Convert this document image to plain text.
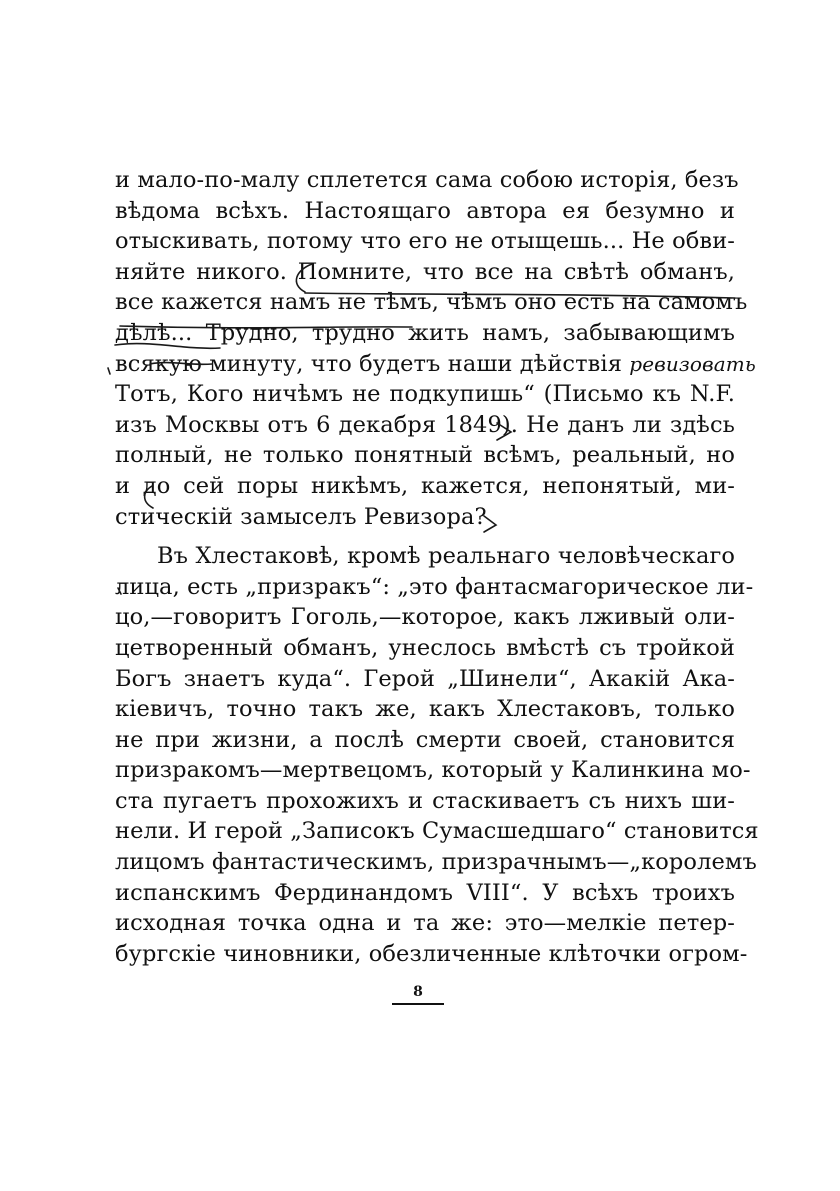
и мало-по-малу сплетется сама собою исторія, безъ
вѣдома всѣхъ. Настоящаго автора ея безумно и
отыскивать, потому что его не отыщешь... Не обви-
няйте никого. Помните, что все на свѣтѣ обманъ,
все кажется намъ не тѣмъ, чѣмъ оно есть на самомъ
дѣлѣ... Трудно, трудно жить намъ, забывающимъ
всякую минуту, что будетъ наши дѣйствія ревизовать
Тотъ, Кого ничѣмъ не подкупишь“ (Письмо къ N.F.
изъ Москвы отъ 6 декабря 1849). Не данъ ли здѣсь
полный, не только понятный всѣмъ, реальный, но
и до сей поры никѣмъ, кажется, непонятый, ми-
стическій замыселъ Ревизора?
Въ Хлестаковѣ, кромѣ реальнаго человѣческаго
лица, есть „призракъ“: „это фантасмагорическое ли-
цо,—говоритъ Гоголь,—которое, какъ лживый оли-
цетворенный обманъ, унеслось вмѣстѣ съ тройкой
Богъ знаетъ куда“. Герой „Шинели“, Акакій Ака-
кіевичъ, точно такъ же, какъ Хлестаковъ, только
не при жизни, а послѣ смерти своей, становится
призракомъ—мертвецомъ, который у Калинкина мо-
ста пугаетъ прохожихъ и стаскиваетъ съ нихъ ши-
нели. И герой „Записокъ Сумасшедшаго“ становится
лицомъ фантастическимъ, призрачнымъ—„королемъ
испанскимъ Фердинандомъ VIII“. У всѣхъ троихъ
исходная точка одна и та же: это—мелкіе петер-
бургскіе чиновники, обезличенные клѣточки огром-
8
